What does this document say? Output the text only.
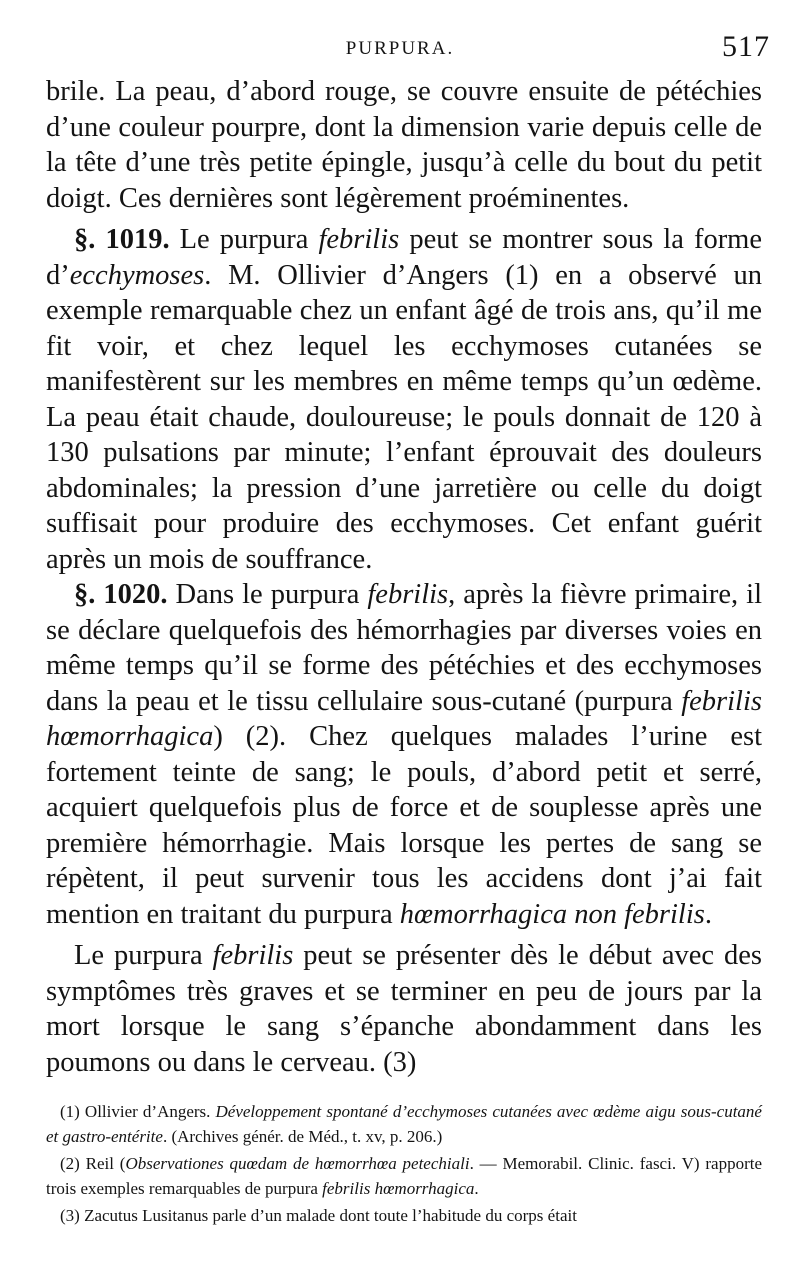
PURPURA.	517

brile. La peau, d’abord rouge, se couvre ensuite de pétéchies d’une couleur pourpre, dont la dimension varie depuis celle de la tête d’une très petite épingle, jusqu’à celle du bout du petit doigt. Ces dernières sont légèrement proéminentes.

§. 1019. Le purpura febrilis peut se montrer sous la forme d’ecchymoses. M. Ollivier d’Angers (1) en a observé un exemple remarquable chez un enfant âgé de trois ans, qu’il me fit voir, et chez lequel les ecchymoses cutanées se manifestèrent sur les membres en même temps qu’un œdème. La peau était chaude, douloureuse; le pouls donnait de 120 à 130 pulsations par minute; l’enfant éprouvait des douleurs abdominales; la pression d’une jarretière ou celle du doigt suffisait pour produire des ecchymoses. Cet enfant guérit après un mois de souffrance.

§. 1020. Dans le purpura febrilis, après la fièvre primaire, il se déclare quelquefois des hémorrhagies par diverses voies en même temps qu’il se forme des pétéchies et des ecchymoses dans la peau et le tissu cellulaire sous-cutané (purpura febrilis hœmorrhagica) (2). Chez quelques malades l’urine est fortement teinte de sang; le pouls, d’abord petit et serré, acquiert quelquefois plus de force et de souplesse après une première hémorrhagie. Mais lorsque les pertes de sang se répètent, il peut survenir tous les accidens dont j’ai fait mention en traitant du purpura hœmorrhagica non febrilis.

Le purpura febrilis peut se présenter dès le début avec des symptômes très graves et se terminer en peu de jours par la mort lorsque le sang s’épanche abondamment dans les poumons ou dans le cerveau. (3)

(1) Ollivier d’Angers. Développement spontané d’ecchymoses cutanées avec œdème aigu sous-cutané et gastro-entérite. (Archives génér. de Méd., t. xv, p. 206.)

(2) Reil (Observationes quœdam de hœmorrhœa petechiali. — Memorabil. Clinic. fasci. V) rapporte trois exemples remarquables de purpura febrilis hœmorrhagica.

(3) Zacutus Lusitanus parle d’un malade dont toute l’habitude du corps était
